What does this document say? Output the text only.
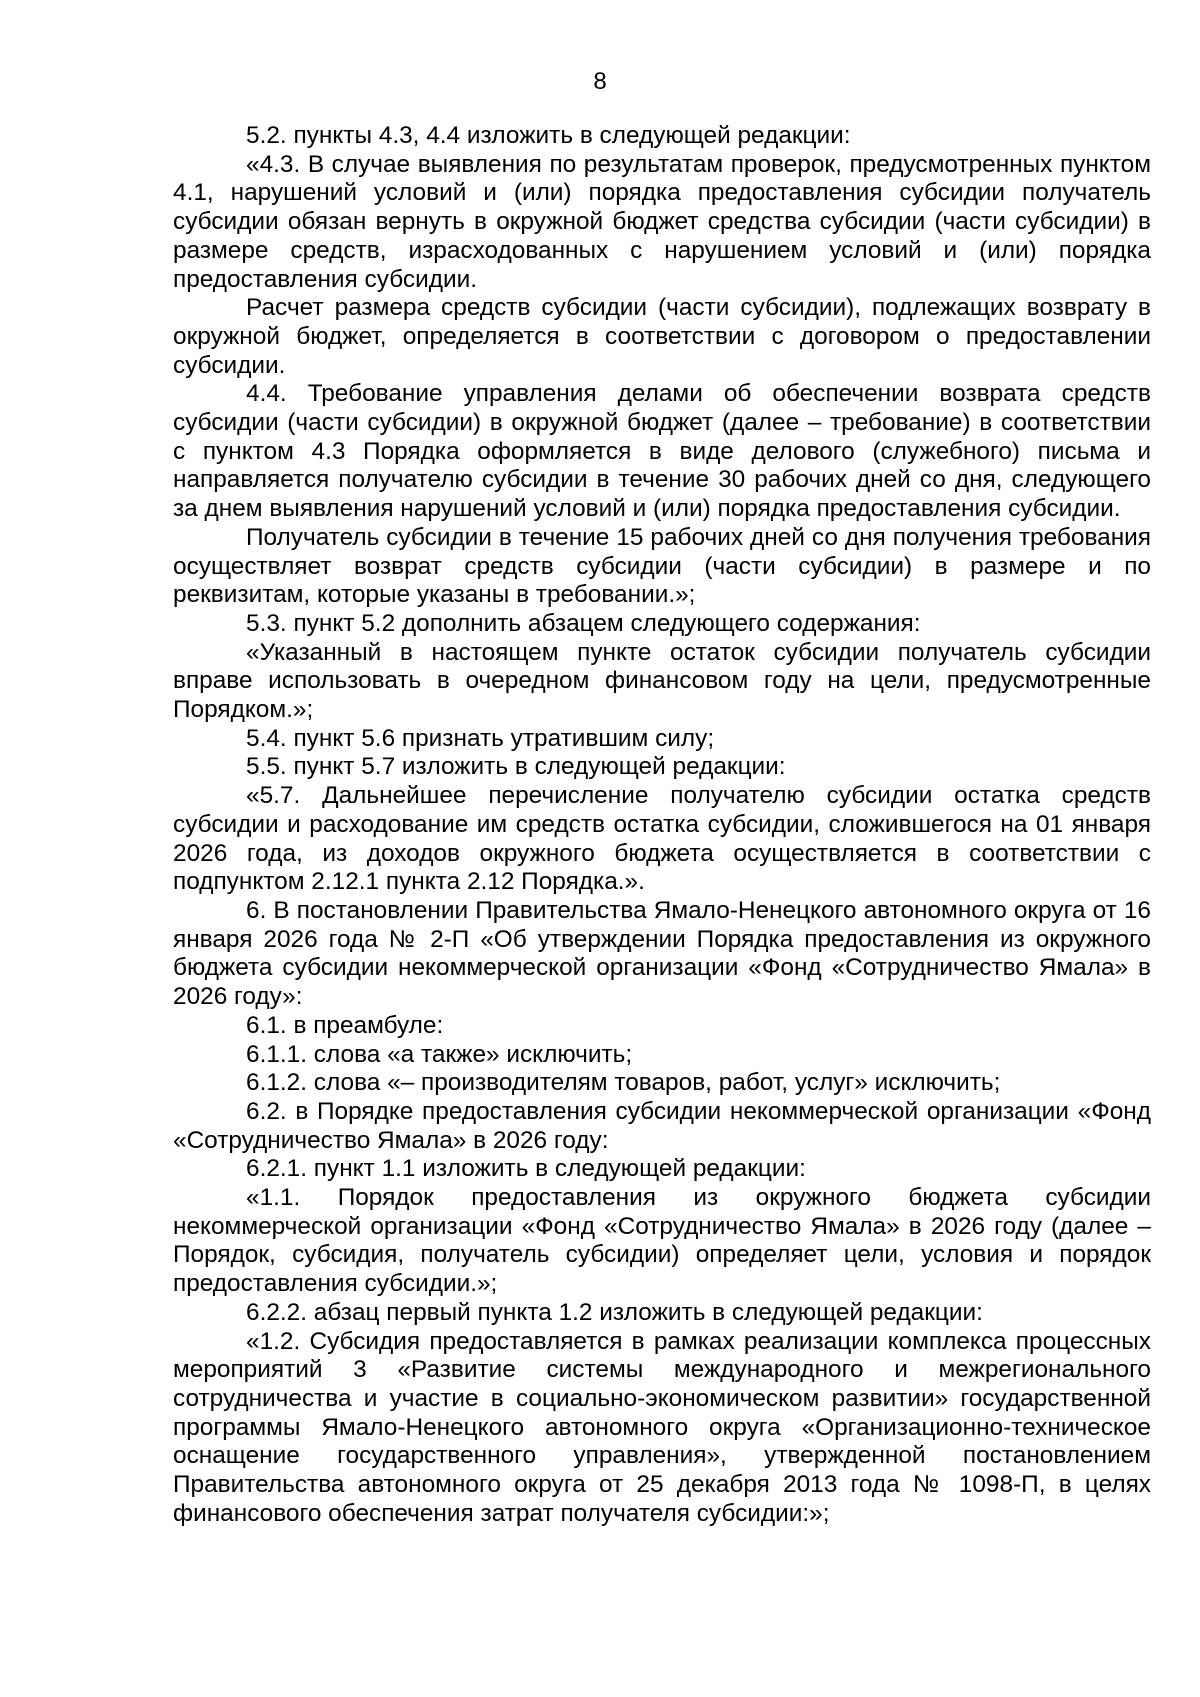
8

5.2. пункты 4.3, 4.4 изложить в следующей редакции:

«4.3. В случае выявления по результатам проверок, предусмотренных пунктом 4.1, нарушений условий и (или) порядка предоставления субсидии получатель субсидии обязан вернуть в окружной бюджет средства субсидии (части субсидии) в размере средств, израсходованных с нарушением условий и (или) порядка предоставления субсидии.

Расчет размера средств субсидии (части субсидии), подлежащих возврату в окружной бюджет, определяется в соответствии с договором о предоставлении субсидии.

4.4. Требование управления делами об обеспечении возврата средств субсидии (части субсидии) в окружной бюджет (далее – требование) в соответствии с пунктом 4.3 Порядка оформляется в виде делового (служебного) письма и направляется получателю субсидии в течение 30 рабочих дней со дня, следующего за днем выявления нарушений условий и (или) порядка предоставления субсидии.

Получатель субсидии в течение 15 рабочих дней со дня получения требования осуществляет возврат средств субсидии (части субсидии) в размере и по реквизитам, которые указаны в требовании.»;

5.3. пункт 5.2 дополнить абзацем следующего содержания:

«Указанный в настоящем пункте остаток субсидии получатель субсидии вправе использовать в очередном финансовом году на цели, предусмотренные Порядком.»;

5.4. пункт 5.6 признать утратившим силу;

5.5. пункт 5.7 изложить в следующей редакции:

«5.7. Дальнейшее перечисление получателю субсидии остатка средств субсидии и расходование им средств остатка субсидии, сложившегося на 01 января 2026 года, из доходов окружного бюджета осуществляется в соответствии с подпунктом 2.12.1 пункта 2.12 Порядка.».

6. В постановлении Правительства Ямало-Ненецкого автономного округа от 16 января 2026 года № 2-П «Об утверждении Порядка предоставления из окружного бюджета субсидии некоммерческой организации «Фонд «Сотрудничество Ямала» в 2026 году»:

6.1. в преамбуле:

6.1.1. слова «а также» исключить;

6.1.2. слова «– производителям товаров, работ, услуг» исключить;

6.2. в Порядке предоставления субсидии некоммерческой организации «Фонд «Сотрудничество Ямала» в 2026 году:

6.2.1. пункт 1.1 изложить в следующей редакции:

«1.1. Порядок предоставления из окружного бюджета субсидии некоммерческой организации «Фонд «Сотрудничество Ямала» в 2026 году (далее – Порядок, субсидия, получатель субсидии) определяет цели, условия и порядок предоставления субсидии.»;

6.2.2. абзац первый пункта 1.2 изложить в следующей редакции:

«1.2. Субсидия предоставляется в рамках реализации комплекса процессных мероприятий 3 «Развитие системы международного и межрегионального сотрудничества и участие в социально-экономическом развитии» государственной программы Ямало-Ненецкого автономного округа «Организационно-техническое оснащение государственного управления», утвержденной постановлением Правительства автономного округа от 25 декабря 2013 года № 1098-П, в целях финансового обеспечения затрат получателя субсидии:»;
